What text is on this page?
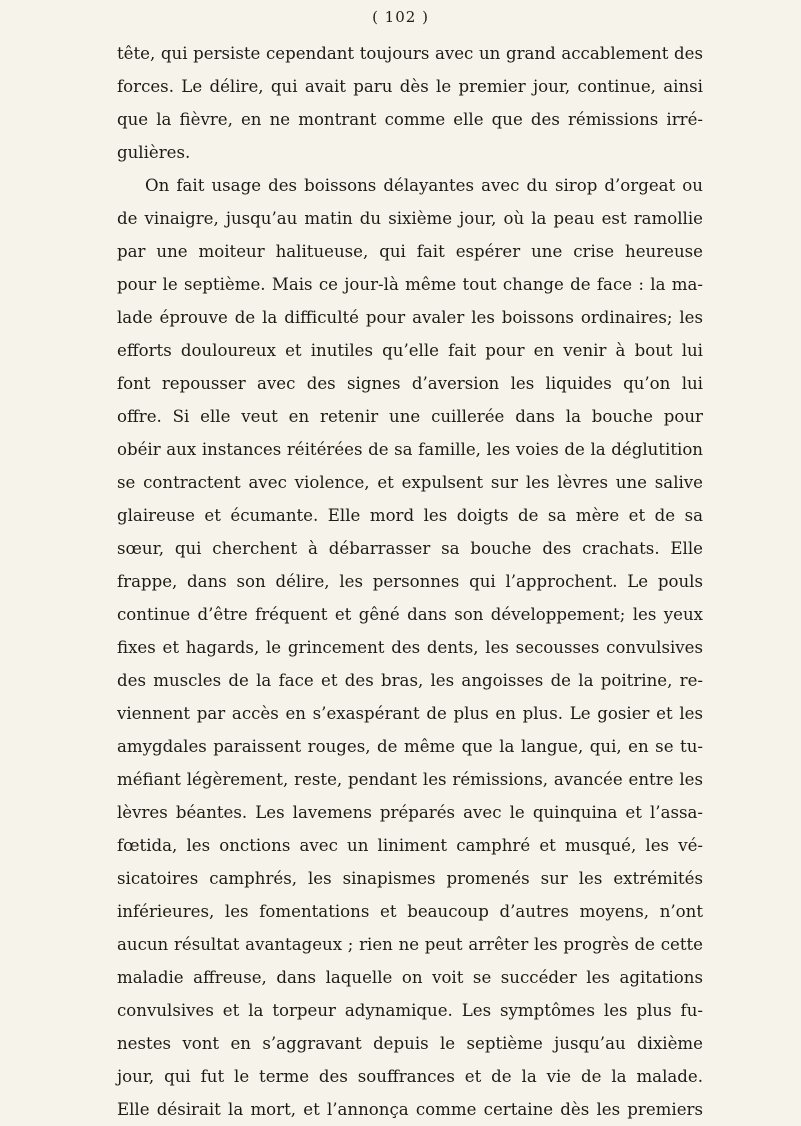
( 102 )
tête, qui persiste cependant toujours avec un grand accablement des
forces. Le délire, qui avait paru dès le premier jour, continue, ainsi
que la fièvre, en ne montrant comme elle que des rémissions irré-
gulières.
On fait usage des boissons délayantes avec du sirop d’orgeat ou
de vinaigre, jusqu’au matin du sixième jour, où la peau est ramollie
par une moiteur halitueuse, qui fait espérer une crise heureuse
pour le septième. Mais ce jour-là même tout change de face : la ma-
lade éprouve de la difficulté pour avaler les boissons ordinaires; les
efforts douloureux et inutiles qu’elle fait pour en venir à bout lui
font repousser avec des signes d’aversion les liquides qu’on lui
offre. Si elle veut en retenir une cuillerée dans la bouche pour
obéir aux instances réitérées de sa famille, les voies de la déglutition
se contractent avec violence, et expulsent sur les lèvres une salive
glaireuse et écumante. Elle mord les doigts de sa mère et de sa
sœur, qui cherchent à débarrasser sa bouche des crachats. Elle
frappe, dans son délire, les personnes qui l’approchent. Le pouls
continue d’être fréquent et gêné dans son développement; les yeux
fixes et hagards, le grincement des dents, les secousses convulsives
des muscles de la face et des bras, les angoisses de la poitrine, re-
viennent par accès en s’exaspérant de plus en plus. Le gosier et les
amygdales paraissent rouges, de même que la langue, qui, en se tu-
méfiant légèrement, reste, pendant les rémissions, avancée entre les
lèvres béantes. Les lavemens préparés avec le quinquina et l’assa-
fœtida, les onctions avec un liniment camphré et musqué, les vé-
sicatoires camphrés, les sinapismes promenés sur les extrémités
inférieures, les fomentations et beaucoup d’autres moyens, n’ont
aucun résultat avantageux ; rien ne peut arrêter les progrès de cette
maladie affreuse, dans laquelle on voit se succéder les agitations
convulsives et la torpeur adynamique. Les symptômes les plus fu-
nestes vont en s’aggravant depuis le septième jusqu’au dixième
jour, qui fut le terme des souffrances et de la vie de la malade.
Elle désirait la mort, et l’annonça comme certaine dès les premiers
